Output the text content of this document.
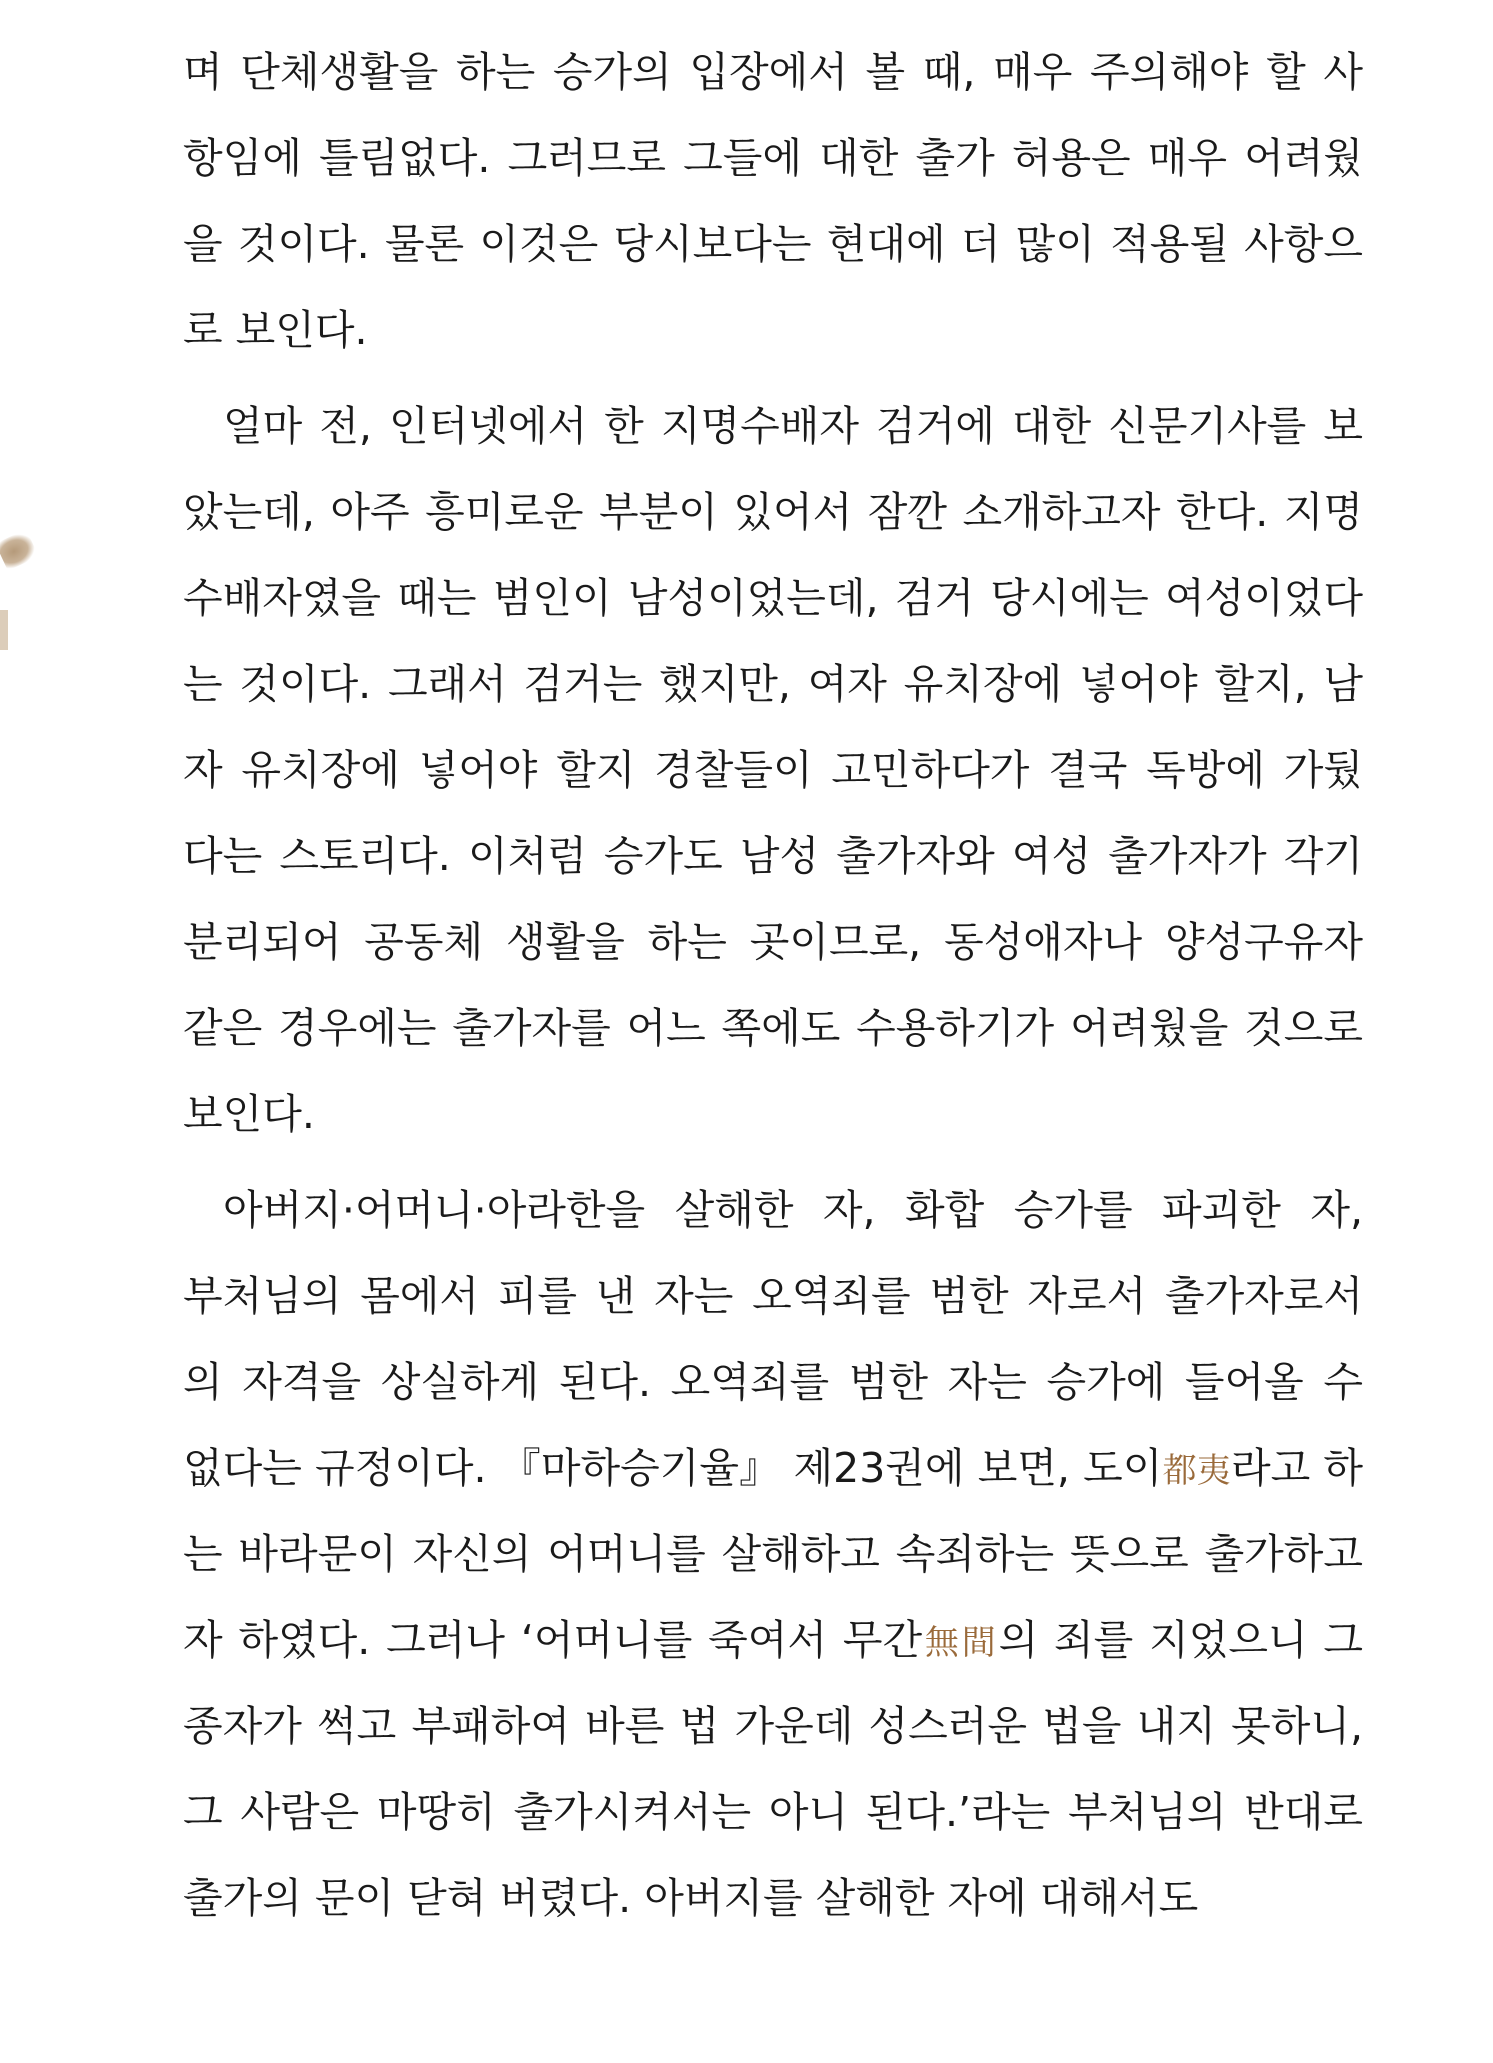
며 단체생활을 하는 승가의 입장에서 볼 때, 매우 주의해야 할 사
항임에 틀림없다. 그러므로 그들에 대한 출가 허용은 매우 어려웠
을 것이다. 물론 이것은 당시보다는 현대에 더 많이 적용될 사항으
로 보인다.
얼마 전, 인터넷에서 한 지명수배자 검거에 대한 신문기사를 보
았는데, 아주 흥미로운 부분이 있어서 잠깐 소개하고자 한다. 지명
수배자였을 때는 범인이 남성이었는데, 검거 당시에는 여성이었다
는 것이다. 그래서 검거는 했지만, 여자 유치장에 넣어야 할지, 남
자 유치장에 넣어야 할지 경찰들이 고민하다가 결국 독방에 가뒀
다는 스토리다. 이처럼 승가도 남성 출가자와 여성 출가자가 각기
분리되어 공동체 생활을 하는 곳이므로, 동성애자나 양성구유자
같은 경우에는 출가자를 어느 쪽에도 수용하기가 어려웠을 것으로
보인다.
아버지·어머니·아라한을 살해한 자, 화합 승가를 파괴한 자,
부처님의 몸에서 피를 낸 자는 오역죄를 범한 자로서 출가자로서
의 자격을 상실하게 된다. 오역죄를 범한 자는 승가에 들어올 수
없다는 규정이다. 『마하승기율』 제23권에 보면, 도이都夷라고 하
는 바라문이 자신의 어머니를 살해하고 속죄하는 뜻으로 출가하고
자 하였다. 그러나 ‘어머니를 죽여서 무간無間의 죄를 지었으니 그
종자가 썩고 부패하여 바른 법 가운데 성스러운 법을 내지 못하니,
그 사람은 마땅히 출가시켜서는 아니 된다.’라는 부처님의 반대로
출가의 문이 닫혀 버렸다. 아버지를 살해한 자에 대해서도
